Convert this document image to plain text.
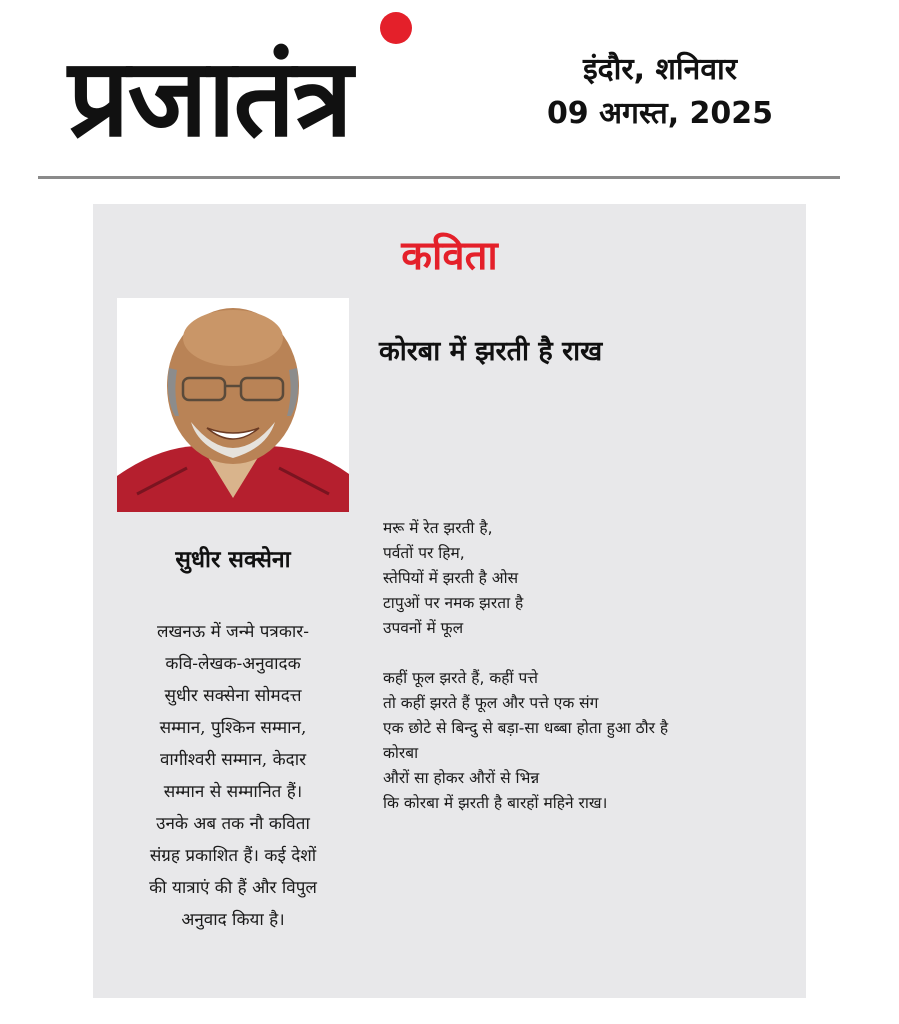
प्रजातंत्र	इंदौर, शनिवार
09 अगस्त, 2025
कविता
सुधीर सक्सेना
लखनऊ में जन्मे पत्रकार-
कवि-लेखक-अनुवादक
सुधीर सक्सेना सोमदत्त
सम्मान, पुश्किन सम्मान,
वागीश्वरी सम्मान, केदार
सम्मान से सम्मानित हैं।
उनके अब तक नौ कविता
संग्रह प्रकाशित हैं। कई देशों
की यात्राएं की हैं और विपुल
अनुवाद किया है।
कोरबा में झरती है राख
मरू में रेत झरती है,
पर्वतों पर हिम,
स्तेपियों में झरती है ओस
टापुओं पर नमक झरता है
उपवनों में फूल

कहीं फूल झरते हैं, कहीं पत्ते
तो कहीं झरते हैं फूल और पत्ते एक संग
एक छोटे से बिन्दु से बड़ा-सा धब्बा होता हुआ ठौर है
कोरबा
औरों सा होकर औरों से भिन्न
कि कोरबा में झरती है बारहों महिने राख।
